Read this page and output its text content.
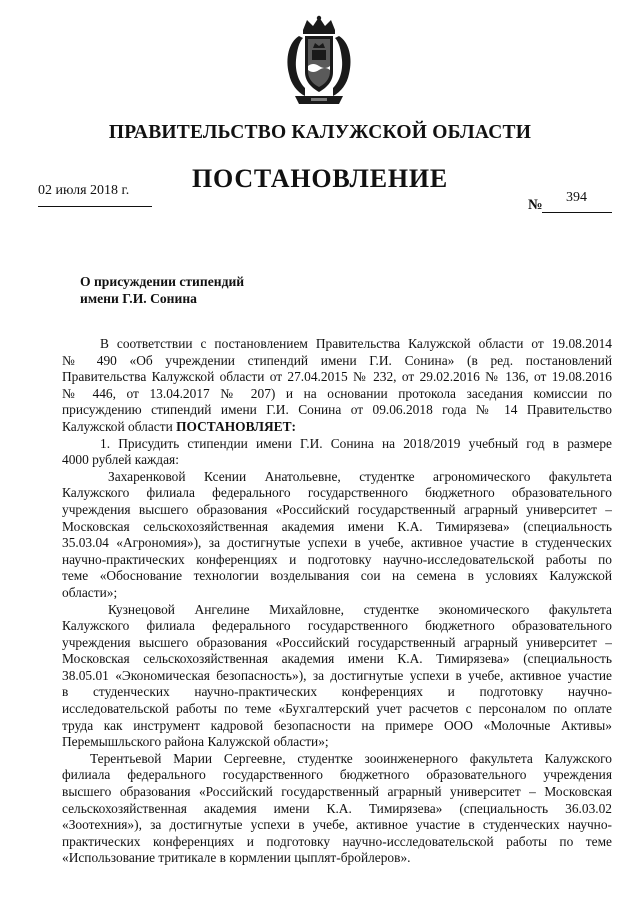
ПРАВИТЕЛЬСТВО КАЛУЖСКОЙ ОБЛАСТИ
ПОСТАНОВЛЕНИЕ
02 июля 2018 г.	394
№
О присуждении стипендий
имени Г.И. Сонина
В соответствии с постановлением Правительства Калужской области от 19.08.2014
№ 490 «Об учреждении стипендий имени Г.И. Сонина» (в ред. постановлений
Правительства Калужской области от 27.04.2015 № 232, от 29.02.2016 № 136, от 19.08.2016
№ 446, от 13.04.2017 № 207) и на основании протокола заседания комиссии по
присуждению стипендий имени Г.И. Сонина от 09.06.2018 года № 14 Правительство
Калужской области ПОСТАНОВЛЯЕТ:
1. Присудить стипендии имени Г.И. Сонина на 2018/2019 учебный год в размере
4000 рублей каждая:
Захаренковой Ксении Анатольевне, студентке агрономического факультета
Калужского филиала федерального государственного бюджетного образовательного
учреждения высшего образования «Российский государственный аграрный университет –
Московская сельскохозяйственная академия имени К.А. Тимирязева» (специальность
35.03.04 «Агрономия»), за достигнутые успехи в учебе, активное участие в студенческих
научно-практических конференциях и подготовку научно-исследовательской работы по
теме «Обоснование технологии возделывания сои на семена в условиях Калужской
области»;
Кузнецовой Ангелине Михайловне, студентке экономического факультета
Калужского филиала федерального государственного бюджетного образовательного
учреждения высшего образования «Российский государственный аграрный университет –
Московская сельскохозяйственная академия имени К.А. Тимирязева» (специальность
38.05.01 «Экономическая безопасность»), за достигнутые успехи в учебе, активное участие
в студенческих научно-практических конференциях и подготовку научно-
исследовательской работы по теме «Бухгалтерский учет расчетов с персоналом по оплате
труда как инструмент кадровой безопасности на примере ООО «Молочные Активы»
Перемышльского района Калужской области»;
Терентьевой Марии Сергеевне, студентке зооинженерного факультета Калужского
филиала федерального государственного бюджетного образовательного учреждения
высшего образования «Российский государственный аграрный университет – Московская
сельскохозяйственная академия имени К.А. Тимирязева» (специальность 36.03.02
«Зоотехния»), за достигнутые успехи в учебе, активное участие в студенческих научно-
практических конференциях и подготовку научно-исследовательской работы по теме
«Использование тритикале в кормлении цыплят-бройлеров».
